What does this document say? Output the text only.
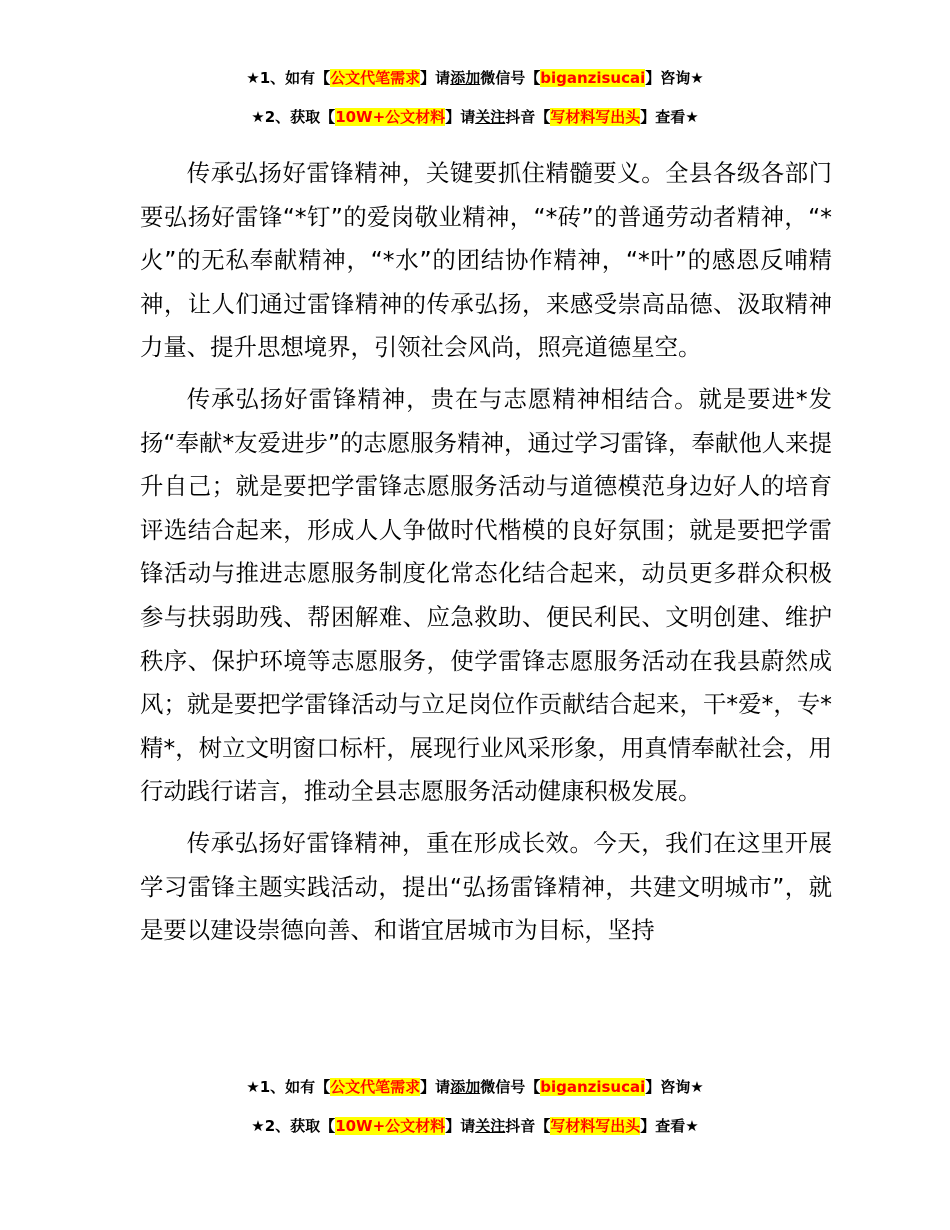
★1、如有【公文代笔需求】请添加微信号【biganzisucai】咨询★
★2、获取【10W+公文材料】请关注抖音【写材料写出头】查看★

传承弘扬好雷锋精神，关键要抓住精髓要义。全县各级各部门要弘扬好雷锋“*钉”的爱岗敬业精神，“*砖”的普通劳动者精神，“*火”的无私奉献精神，“*水”的团结协作精神，“*叶”的感恩反哺精神，让人们通过雷锋精神的传承弘扬，来感受崇高品德、汲取精神力量、提升思想境界，引领社会风尚，照亮道德星空。

传承弘扬好雷锋精神，贵在与志愿精神相结合。就是要进*发扬“奉献*友爱进步”的志愿服务精神，通过学习雷锋，奉献他人来提升自己；就是要把学雷锋志愿服务活动与道德模范身边好人的培育评选结合起来，形成人人争做时代楷模的良好氛围；就是要把学雷锋活动与推进志愿服务制度化常态化结合起来，动员更多群众积极参与扶弱助残、帮困解难、应急救助、便民利民、文明创建、维护秩序、保护环境等志愿服务，使学雷锋志愿服务活动在我县蔚然成风；就是要把学雷锋活动与立足岗位作贡献结合起来，干*爱*，专*精*，树立文明窗口标杆，展现行业风采形象，用真情奉献社会，用行动践行诺言，推动全县志愿服务活动健康积极发展。

传承弘扬好雷锋精神，重在形成长效。今天，我们在这里开展学习雷锋主题实践活动，提出“弘扬雷锋精神，共建文明城市”，就是要以建设崇德向善、和谐宜居城市为目标，坚持

★1、如有【公文代笔需求】请添加微信号【biganzisucai】咨询★
★2、获取【10W+公文材料】请关注抖音【写材料写出头】查看★
